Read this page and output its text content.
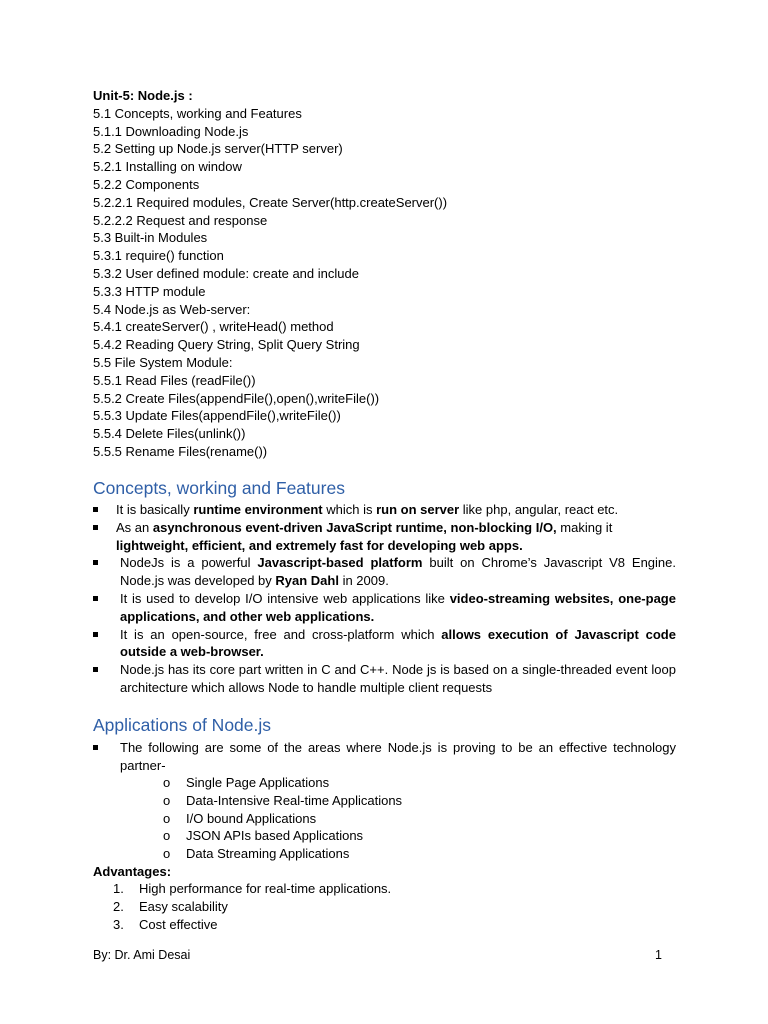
Unit-5: Node.js :
5.1 Concepts, working and Features
5.1.1 Downloading Node.js
5.2 Setting up Node.js server(HTTP server)
5.2.1 Installing on window
5.2.2 Components
5.2.2.1 Required modules, Create Server(http.createServer())
5.2.2.2 Request and response
5.3 Built-in Modules
5.3.1 require() function
5.3.2 User defined module: create and include
5.3.3 HTTP module
5.4 Node.js as Web-server:
5.4.1 createServer() , writeHead() method
5.4.2 Reading Query String, Split Query String
5.5 File System Module:
5.5.1 Read Files (readFile())
5.5.2 Create Files(appendFile(),open(),writeFile())
5.5.3 Update Files(appendFile(),writeFile())
5.5.4 Delete Files(unlink())
5.5.5 Rename Files(rename())
Concepts, working and Features
It is basically runtime environment which is run on server like php, angular, react etc.
As an asynchronous event-driven JavaScript runtime, non-blocking I/O, making it lightweight, efficient, and extremely fast for developing web apps.
NodeJs is a powerful Javascript-based platform built on Chrome’s Javascript V8 Engine. Node.js was developed by Ryan Dahl in 2009.
It is used to develop I/O intensive web applications like video-streaming websites, one-page applications, and other web applications.
It is an open-source, free and cross-platform which allows execution of Javascript code outside a web-browser.
Node.js has its core part written in C and C++. Node js is based on a single-threaded event loop architecture which allows Node to handle multiple client requests
Applications of Node.js
The following are some of the areas where Node.js is proving to be an effective technology partner-
o Single Page Applications
o Data-Intensive Real-time Applications
o I/O bound Applications
o JSON APIs based Applications
o Data Streaming Applications
Advantages:
1. High performance for real-time applications.
2. Easy scalability
3. Cost effective
By: Dr. Ami Desai	1
